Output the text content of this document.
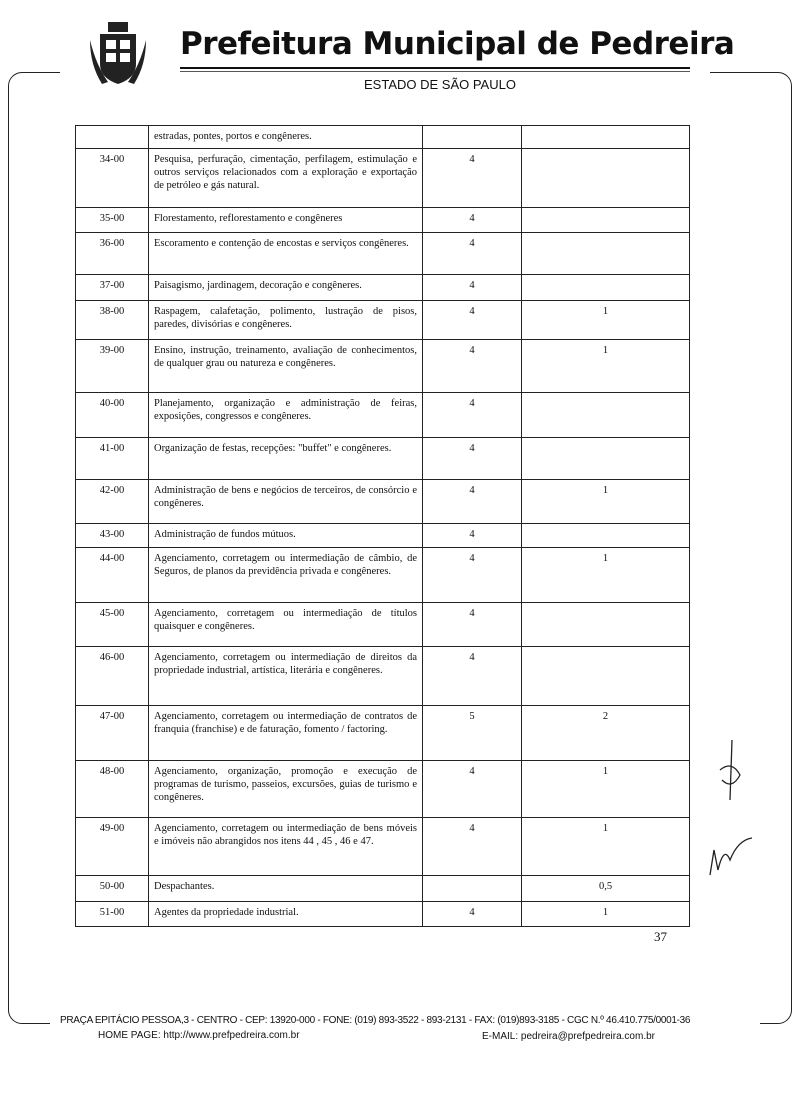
Prefeitura Municipal de Pedreira
ESTADO DE SÃO PAULO
	estradas, pontes, portos e congêneres.		
34-00	Pesquisa, perfuração, cimentação, perfilagem, estimulação e outros serviços relacionados com a exploração e exportação de petróleo e gás natural.	4	
35-00	Florestamento, reflorestamento e congêneres	4	
36-00	Escoramento e contenção de encostas e serviços congêneres.	4	
37-00	Paisagismo, jardinagem, decoração e congêneres.	4	
38-00	Raspagem, calafetação, polimento, lustração de pisos, paredes, divisórias e congêneres.	4	1
39-00	Ensino, instrução, treinamento, avaliação de conhecimentos, de qualquer grau ou natureza e congêneres.	4	1
40-00	Planejamento, organização e administração de feiras, exposições, congressos e congêneres.	4	
41-00	Organização de festas, recepções: "buffet" e congêneres.	4	
42-00	Administração de bens e negócios de terceiros, de consórcio e congêneres.	4	1
43-00	Administração de fundos mútuos.	4	
44-00	Agenciamento, corretagem ou intermediação de câmbio, de Seguros, de planos da previdência privada e congêneres.	4	1
45-00	Agenciamento, corretagem ou intermediação de títulos quaisquer e congêneres.	4	
46-00	Agenciamento, corretagem ou intermediação de direitos da propriedade industrial, artística, literária e congêneres.	4	
47-00	Agenciamento, corretagem ou intermediação de contratos de franquia (franchise) e de faturação, fomento / factoring.	5	2
48-00	Agenciamento, organização, promoção e execução de programas de turismo, passeios, excursões, guias de turismo e congêneres.	4	1
49-00	Agenciamento, corretagem ou intermediação de bens móveis e imóveis não abrangidos nos itens 44 , 45 , 46 e 47.	4	1
50-00	Despachantes.		0,5
51-00	Agentes da propriedade industrial.	4	1
37
PRAÇA EPITÁCIO PESSOA,3 - CENTRO - CEP: 13920-000 - FONE: (019) 893-3522 - 893-2131 - FAX: (019)893-3185 - CGC N.º 46.410.775/0001-36
HOME PAGE: http://www.prefpedreira.com.br	E-MAIL: pedreira@prefpedreira.com.br
